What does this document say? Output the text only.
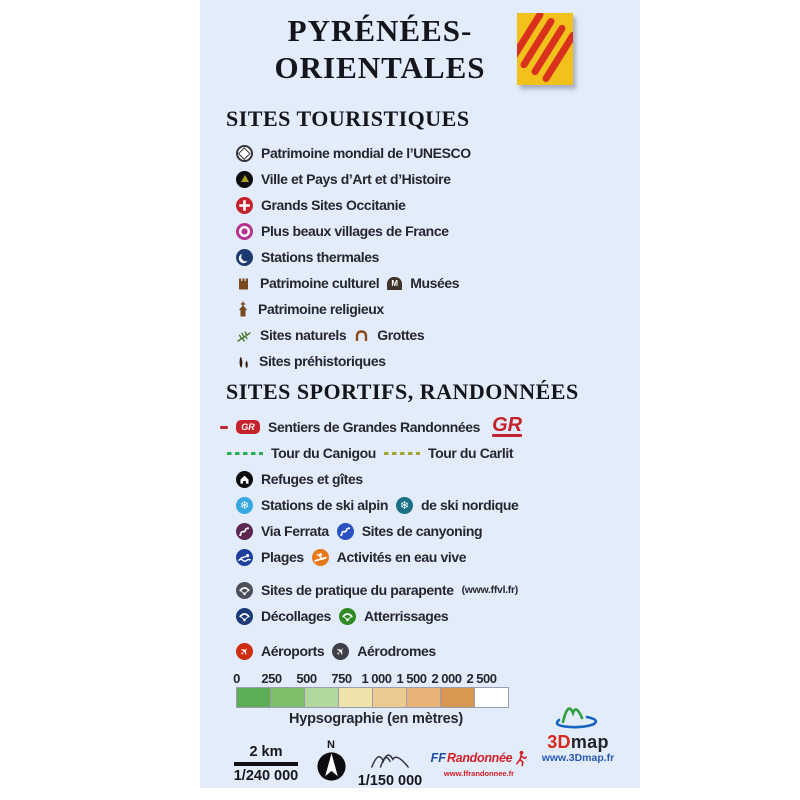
PYRÉNÉES-
ORIENTALES
SITES TOURISTIQUES
Patrimoine mondial de l’UNESCO
Ville et Pays d’Art et d’Histoire
Grands Sites Occitanie
Plus beaux villages de France
Stations thermales
Patrimoine culturel	M Musées
Patrimoine religieux
Sites naturels Grottes
Sites préhistoriques
SITES SPORTIFS, RANDONNÉES
GR Sentiers de Grandes Randonnées GR
Tour du Canigou	Tour du Carlit
Refuges et gîtes
❄ Stations de ski alpin ❄ de ski nordique
Via Ferrata Sites de canyoning
Plages Activités en eau vive
Sites de pratique du parapente (www.ffvl.fr)
Décollages Atterrissages
✈ Aéroports ✈ Aérodromes
0	250	500	750 1 000 1 500 2 000 2 500
Hypsographie (en mètres)
2 km
1/240 000
N
1/150 000
FF Randonnée
www.ffrandonnee.fr
3Dmap
www.3Dmap.fr
